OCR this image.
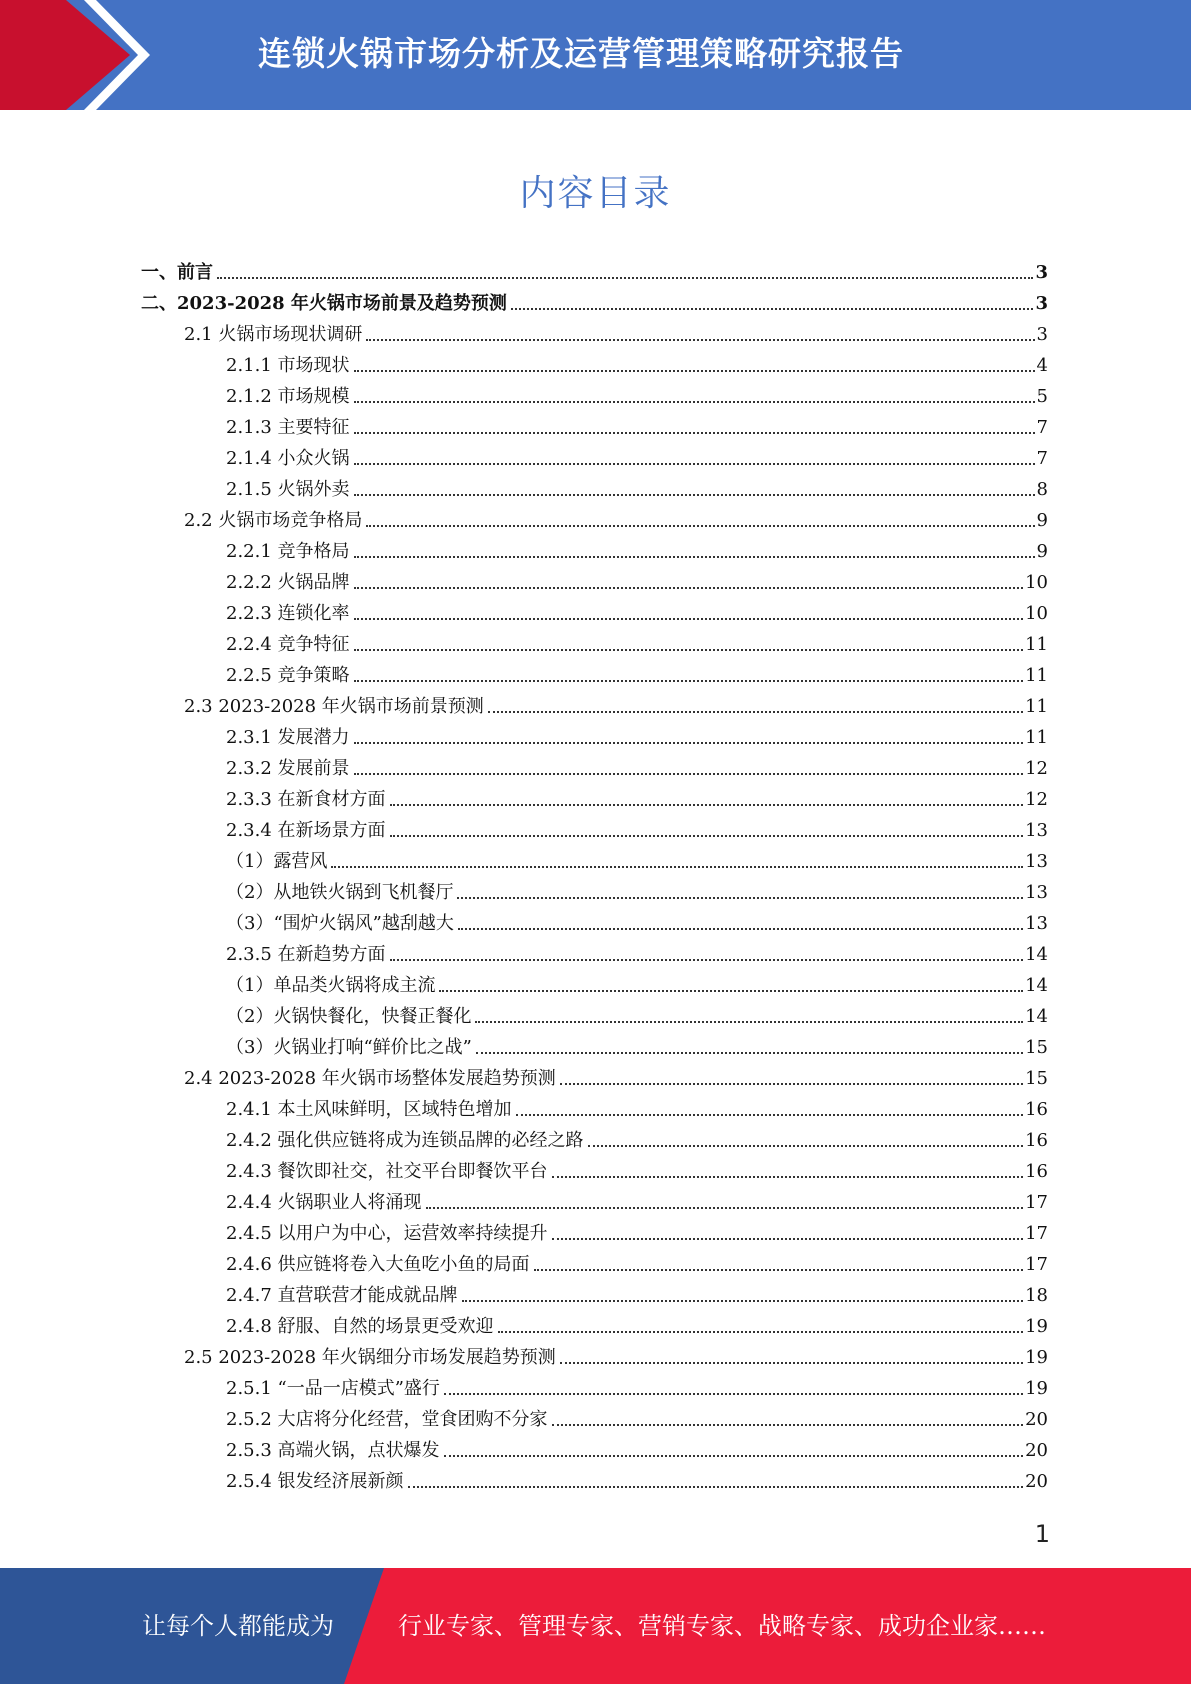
连锁火锅市场分析及运营管理策略研究报告
内容目录
一、前言	3
二、2023-2028 年火锅市场前景及趋势预测	3
2.1 火锅市场现状调研	3
2.1.1 市场现状	4
2.1.2 市场规模	5
2.1.3 主要特征	7
2.1.4 小众火锅	7
2.1.5 火锅外卖	8
2.2 火锅市场竞争格局	9
2.2.1 竞争格局	9
2.2.2 火锅品牌	10
2.2.3 连锁化率	10
2.2.4 竞争特征	11
2.2.5 竞争策略	11
2.3 2023-2028 年火锅市场前景预测	11
2.3.1 发展潜力	11
2.3.2 发展前景	12
2.3.3 在新食材方面	12
2.3.4 在新场景方面	13
（1）露营风	13
（2）从地铁火锅到飞机餐厅	13
（3）“围炉火锅风”越刮越大	13
2.3.5 在新趋势方面	14
（1）单品类火锅将成主流	14
（2）火锅快餐化，快餐正餐化	14
（3）火锅业打响“鲜价比之战”	15
2.4 2023-2028 年火锅市场整体发展趋势预测	15
2.4.1 本土风味鲜明，区域特色增加	16
2.4.2 强化供应链将成为连锁品牌的必经之路	16
2.4.3 餐饮即社交，社交平台即餐饮平台	16
2.4.4 火锅职业人将涌现	17
2.4.5 以用户为中心，运营效率持续提升	17
2.4.6 供应链将卷入大鱼吃小鱼的局面	17
2.4.7 直营联营才能成就品牌	18
2.4.8 舒服、自然的场景更受欢迎	19
2.5 2023-2028 年火锅细分市场发展趋势预测	19
2.5.1 “一品一店模式”盛行	19
2.5.2 大店将分化经营，堂食团购不分家	20
2.5.3 高端火锅，点状爆发	20
2.5.4 银发经济展新颜	20
1
让每个人都能成为	行业专家、管理专家、营销专家、战略专家、成功企业家……
